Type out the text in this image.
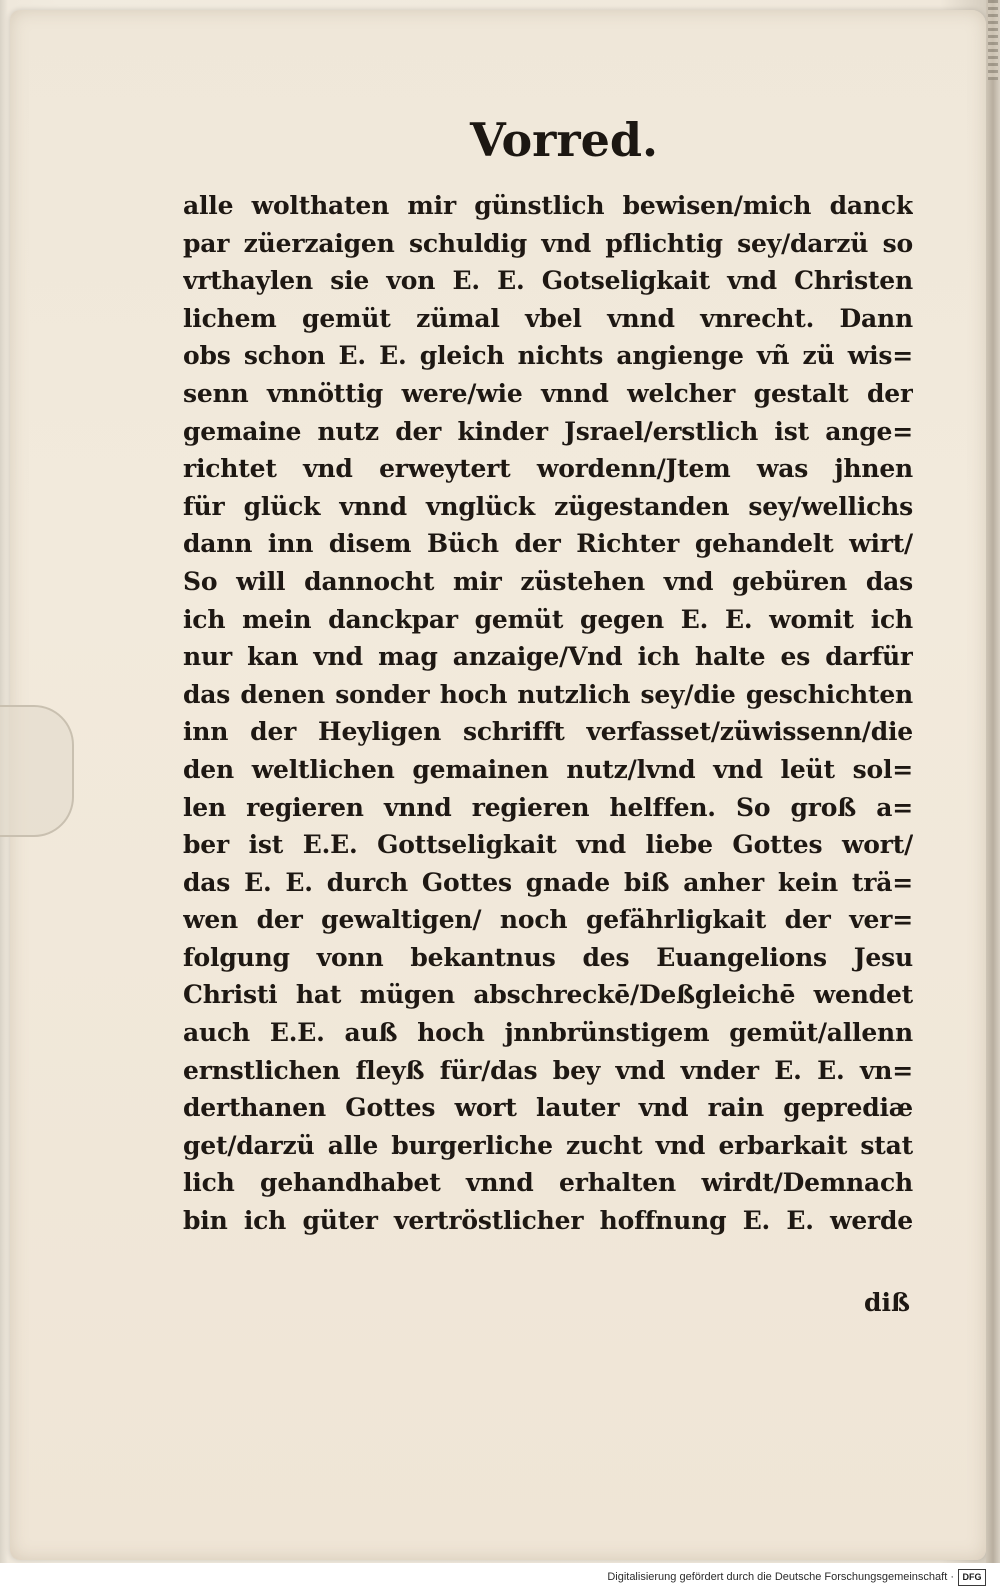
Vorred.
alle wolthaten mir günstlich bewisen/mich danck
par züerzaigen schuldig vnd pflichtig sey/darzü so
vrthaylen sie von E. E. Gotseligkait vnd Christen
lichem gemüt zümal vbel vnnd vnrecht. Dann
obs schon E. E. gleich nichts angienge vñ zü wis=
senn vnnöttig were/wie vnnd welcher gestalt der
gemaine nutz der kinder Jsrael/erstlich ist ange=
richtet vnd erweytert wordenn/Jtem was jhnen
für glück vnnd vnglück zügestanden sey/wellichs
dann inn disem Büch der Richter gehandelt wirt/
So will dannocht mir züstehen vnd gebüren das
ich mein danckpar gemüt gegen E. E. womit ich
nur kan vnd mag anzaige/Vnd ich halte es darfür
das denen sonder hoch nutzlich sey/die geschichten
inn der Heyligen schrifft verfasset/züwissenn/die
den weltlichen gemainen nutz/lvnd vnd leüt sol=
len regieren vnnd regieren helffen. So groß a=
ber ist E.E. Gottseligkait vnd liebe Gottes wort/
das E. E. durch Gottes gnade biß anher kein trä=
wen der gewaltigen/ noch gefährligkait der ver=
folgung vonn bekantnus des Euangelions Jesu
Christi hat mügen abschreckē/Deßgleichē wendet
auch E.E. auß hoch jnnbrünstigem gemüt/allenn
ernstlichen fleyß für/das bey vnd vnder E. E. vn=
derthanen Gottes wort lauter vnd rain geprediæ
get/darzü alle burgerliche zucht vnd erbarkait stat
lich gehandhabet vnnd erhalten wirdt/Demnach
bin ich güter vertröstlicher hoffnung E. E. werde
diß
Digitalisierung gefördert durch die Deutsche Forschungsgemeinschaft · DFG
